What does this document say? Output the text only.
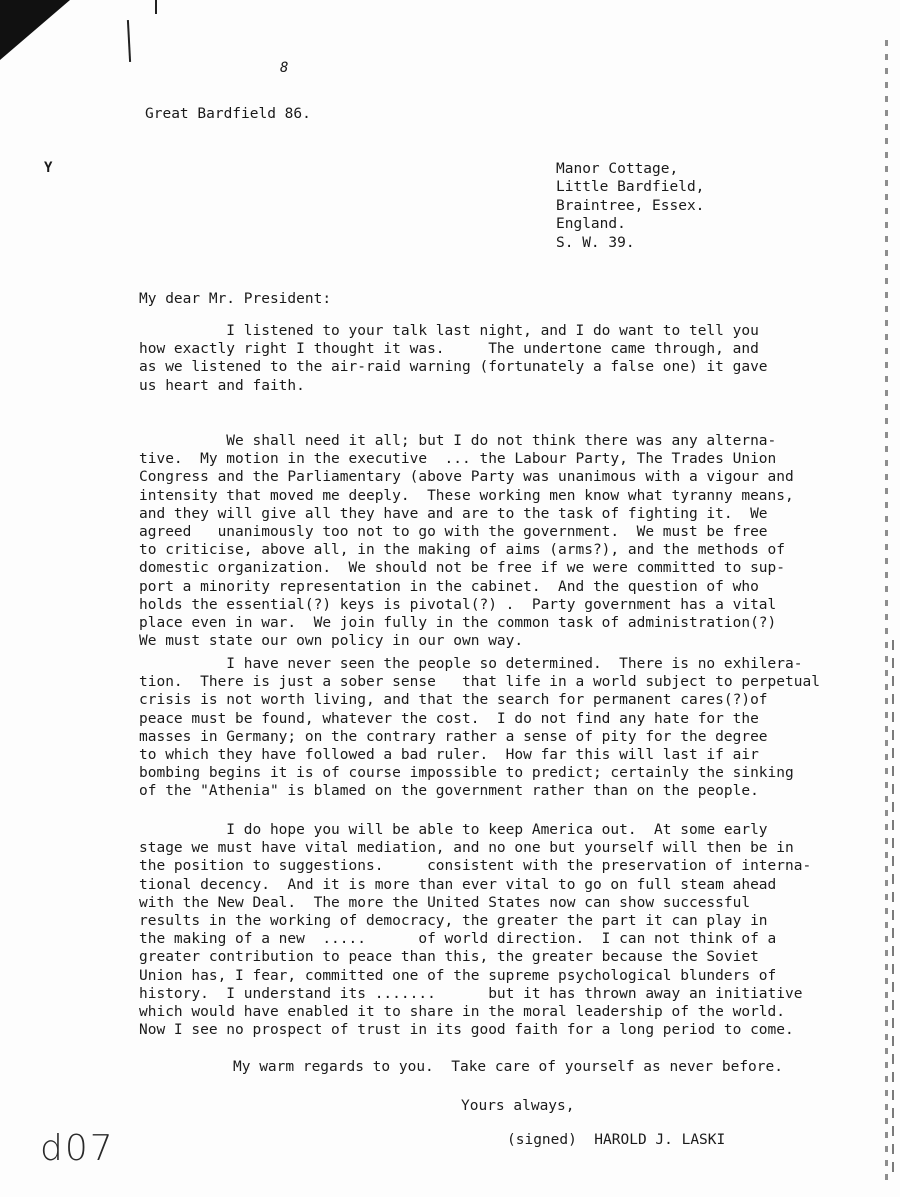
8
Great Bardfield 86.
Y	Manor Cottage,
Little Bardfield,
Braintree, Essex.
England.
S. W. 39.
My dear Mr. President:
I listened to your talk last night, and I do want to tell you
how exactly right I thought it was.     The undertone came through, and
as we listened to the air-raid warning (fortunately a false one) it gave
us heart and faith.
We shall need it all; but I do not think there was any alterna-
tive.  My motion in the executive  ... the Labour Party, The Trades Union
Congress and the Parliamentary (above Party was unanimous with a vigour and
intensity that moved me deeply.  These working men know what tyranny means,
and they will give all they have and are to the task of fighting it.  We
agreed   unanimously too not to go with the government.  We must be free
to criticise, above all, in the making of aims (arms?), and the methods of
domestic organization.  We should not be free if we were committed to sup-
port a minority representation in the cabinet.  And the question of who
holds the essential(?) keys is pivotal(?) .  Party government has a vital
place even in war.  We join fully in the common task of administration(?)
We must state our own policy in our own way.
I have never seen the people so determined.  There is no exhilera-
tion.  There is just a sober sense   that life in a world subject to perpetual
crisis is not worth living, and that the search for permanent cares(?)of
peace must be found, whatever the cost.  I do not find any hate for the
masses in Germany; on the contrary rather a sense of pity for the degree
to which they have followed a bad ruler.  How far this will last if air
bombing begins it is of course impossible to predict; certainly the sinking
of the "Athenia" is blamed on the government rather than on the people.
I do hope you will be able to keep America out.  At some early
stage we must have vital mediation, and no one but yourself will then be in
the position to suggestions.     consistent with the preservation of interna-
tional decency.  And it is more than ever vital to go on full steam ahead
with the New Deal.  The more the United States now can show successful
results in the working of democracy, the greater the part it can play in
the making of a new  .....      of world direction.  I can not think of a
greater contribution to peace than this, the greater because the Soviet
Union has, I fear, committed one of the supreme psychological blunders of
history.  I understand its .......      but it has thrown away an initiative
which would have enabled it to share in the moral leadership of the world.
Now I see no prospect of trust in its good faith for a long period to come.
My warm regards to you.  Take care of yourself as never before.
Yours always,
(signed)  HAROLD J. LASKI
d07
